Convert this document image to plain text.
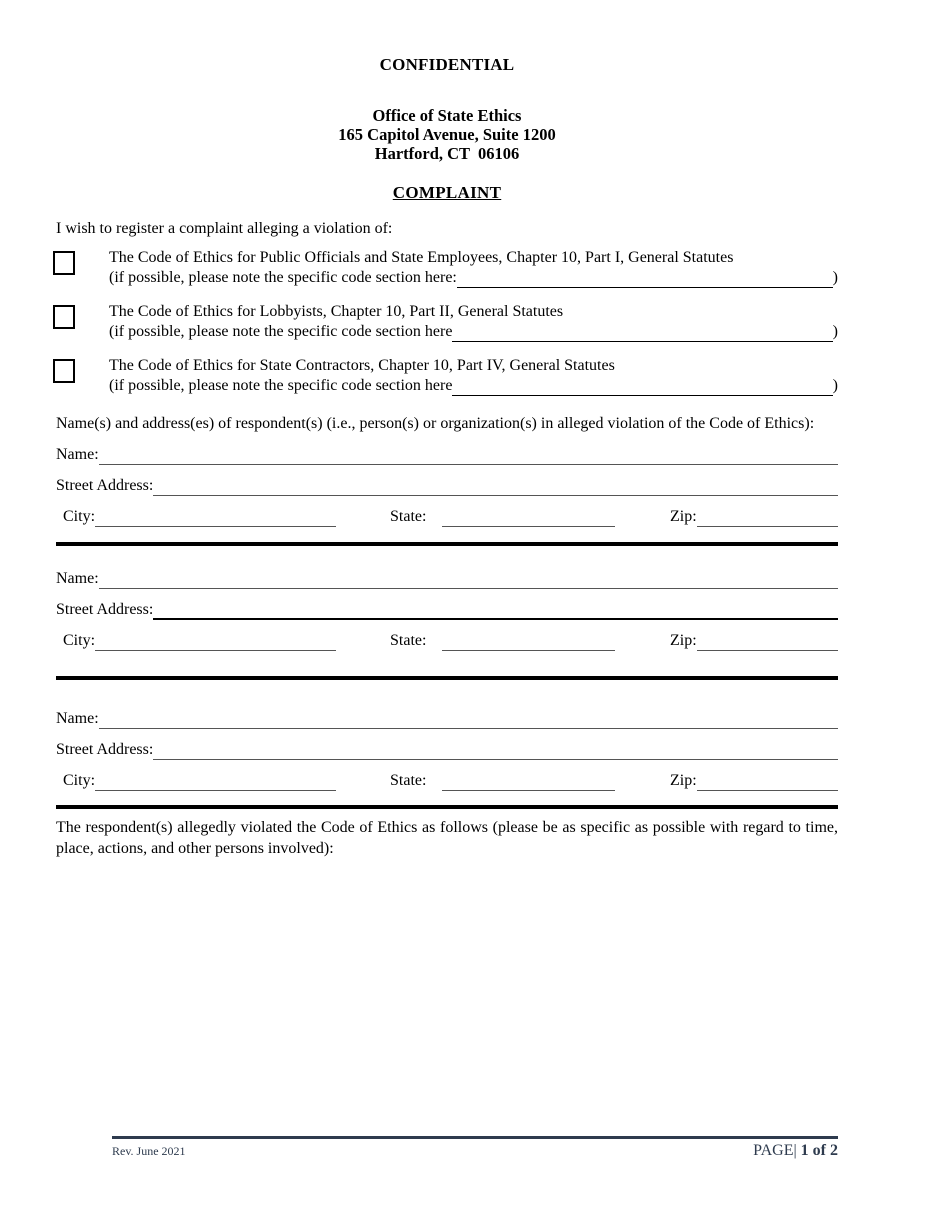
CONFIDENTIAL
Office of State Ethics
165 Capitol Avenue, Suite 1200
Hartford, CT  06106
COMPLAINT
I wish to register a complaint alleging a violation of:
The Code of Ethics for Public Officials and State Employees, Chapter 10, Part I, General Statutes
(if possible, please note the specific code section here:	)
The Code of Ethics for Lobbyists, Chapter 10, Part II, General Statutes
(if possible, please note the specific code section here	)
The Code of Ethics for State Contractors, Chapter 10, Part IV, General Statutes
(if possible, please note the specific code section here	)
Name(s) and address(es) of respondent(s) (i.e., person(s) or organization(s) in alleged violation of the Code of Ethics):
Name:
Street Address:
City:	State:	Zip:
Name:
Street Address:
City:	State:	Zip:
Name:
Street Address:
City:	State:	Zip:
The respondent(s) allegedly violated the Code of Ethics as follows (please be as specific as possible with regard to time, place, actions, and other persons involved):
Rev. June 2021	PAGE| 1 of 2
